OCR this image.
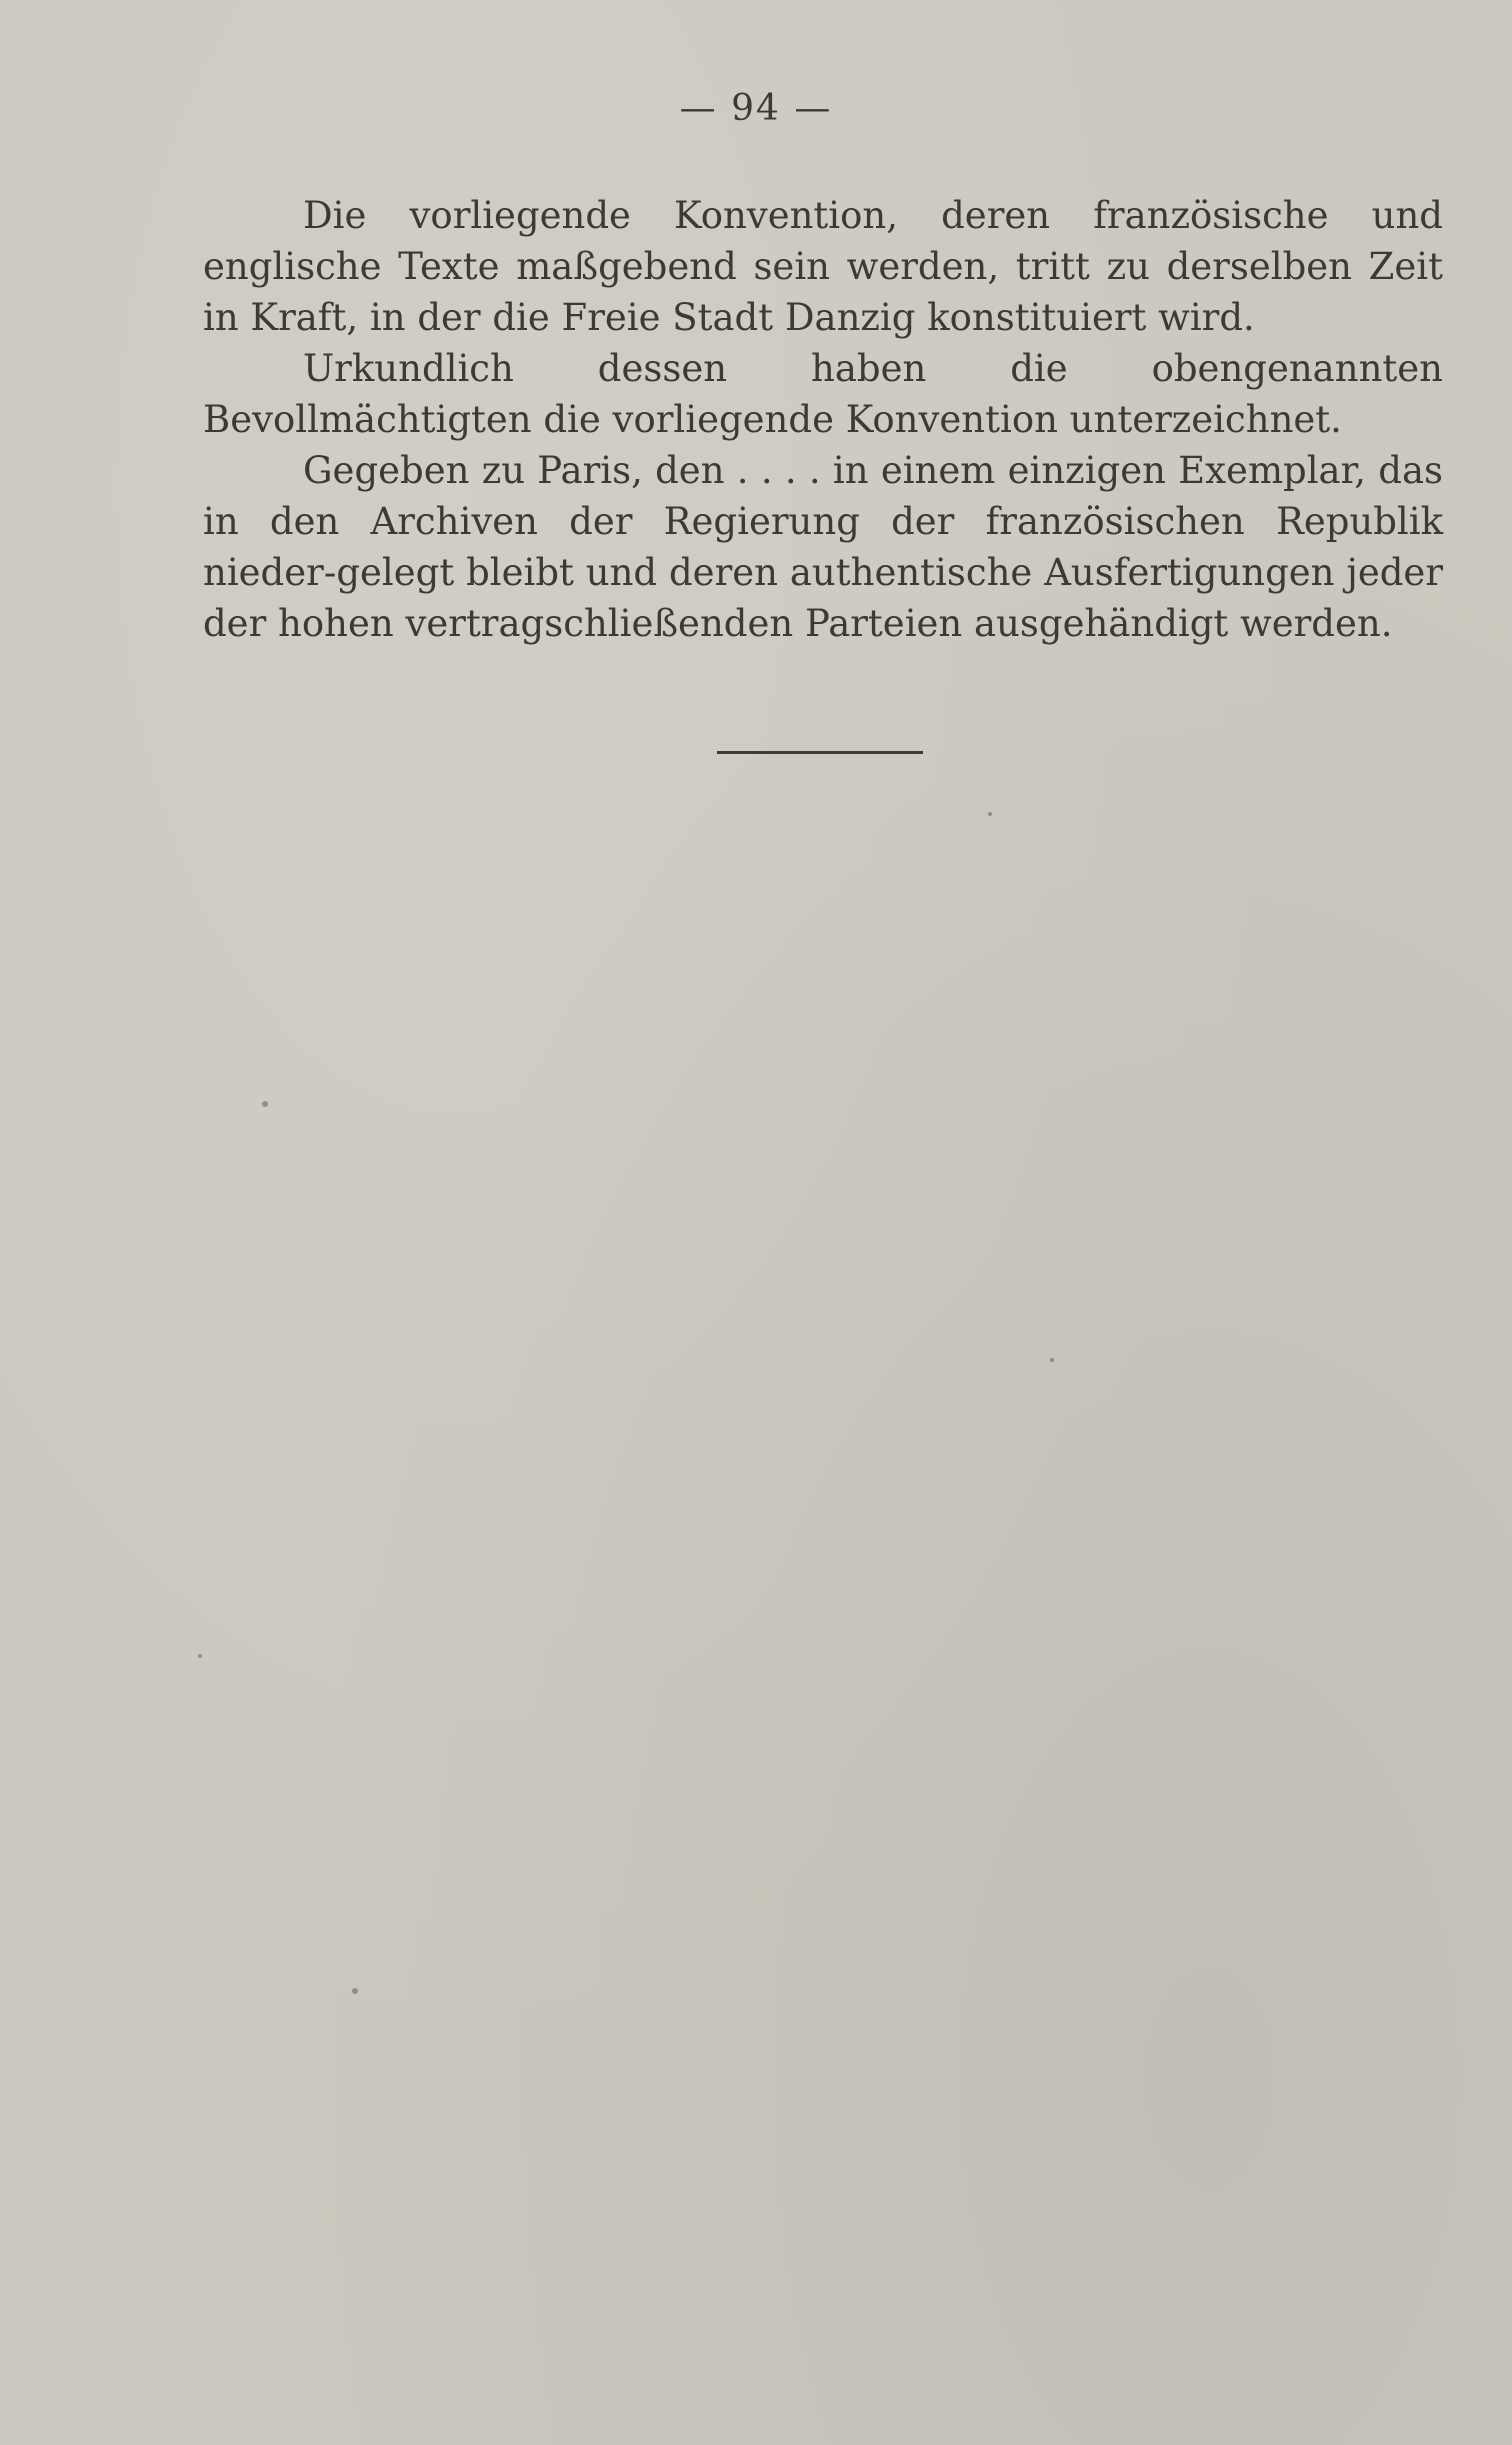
— 94 —

Die vorliegende Konvention, deren französische und englische Texte maßgebend sein werden, tritt zu derselben Zeit in Kraft, in der die Freie Stadt Danzig konstituiert wird.

Urkundlich dessen haben die obengenannten Bevollmächtigten die vorliegende Konvention unterzeichnet.

Gegeben zu Paris, den . . . . in einem einzigen Exemplar, das in den Archiven der Regierung der französischen Republik nieder-gelegt bleibt und deren authentische Ausfertigungen jeder der hohen vertragschließenden Parteien ausgehändigt werden.
